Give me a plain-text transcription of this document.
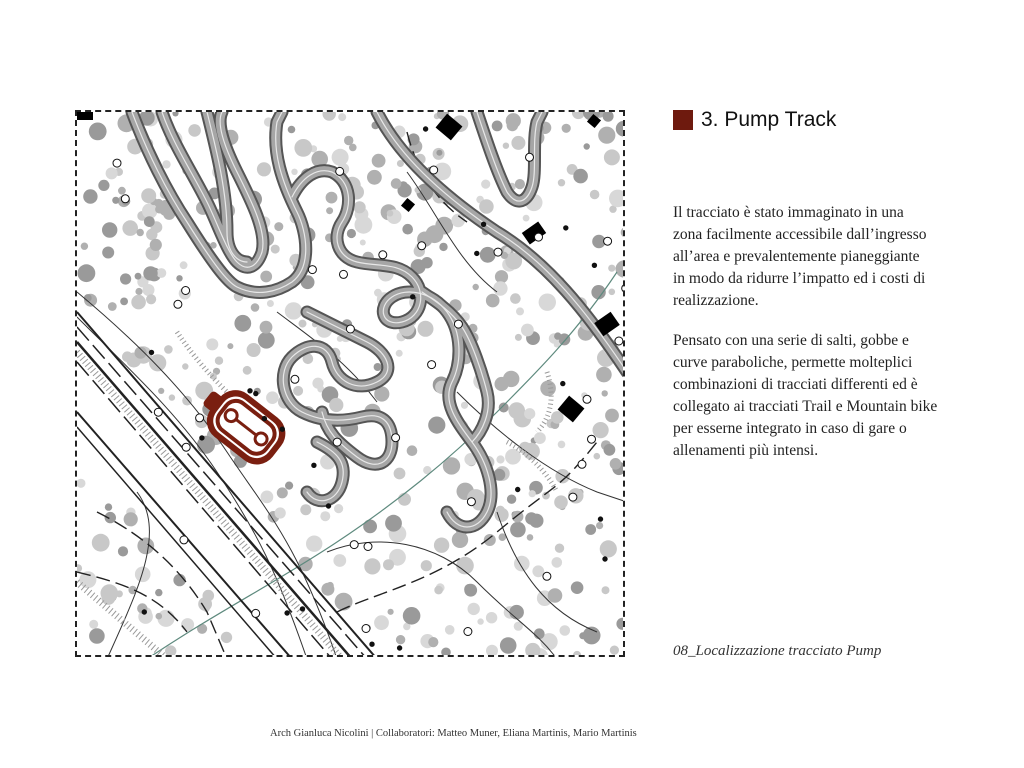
3. Pump Track

Il tracciato è stato immaginato in una
zona facilmente accessibile dall’ingresso
all’area e prevalentemente pianeggiante
in modo da ridurre l’impatto ed i costi di
realizzazione.

Pensato con una serie di salti, gobbe e
curve paraboliche, permette molteplici
combinazioni di tracciati differenti ed è
collegato ai tracciati Trail e Mountain bike
per esserne integrato in caso di gare o
allenamenti più intensi.

08_Localizzazione tracciato Pump
Arch Gianluca Nicolini | Collaboratori: Matteo Muner, Eliana Martinis, Mario Martinis
